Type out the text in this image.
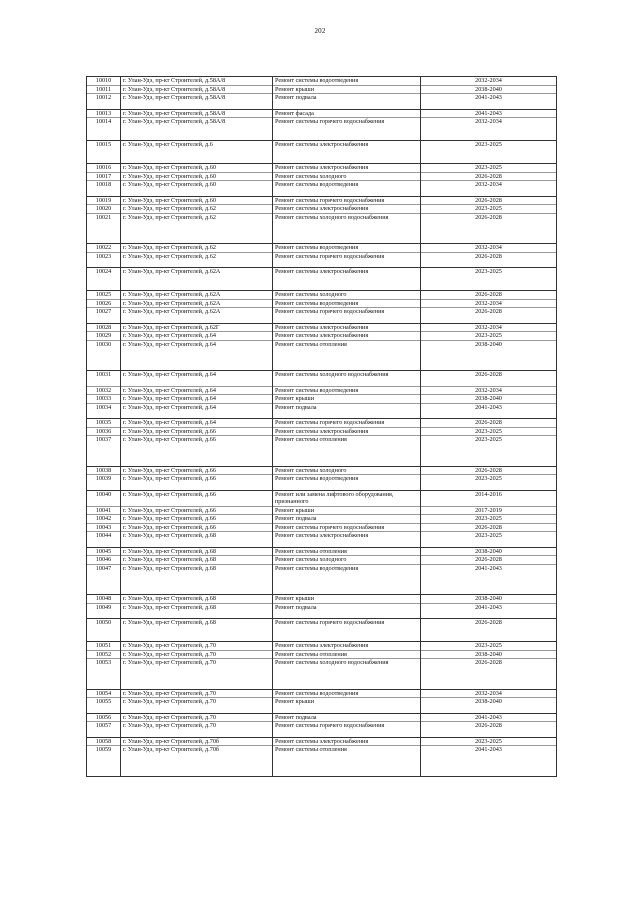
202
10010	г. Улан-Удэ, пр-кт Строителей, д.58А/8	Ремонт системы водоотведения	2032-2034
10011	г. Улан-Удэ, пр-кт Строителей, д.58А/8	Ремонт крыши	2038-2040
10012	г. Улан-Удэ, пр-кт Строителей, д.58А/8	Ремонт подвала	2041-2043
10013	г. Улан-Удэ, пр-кт Строителей, д.58А/8	Ремонт фасада	2041-2043
10014	г. Улан-Удэ, пр-кт Строителей, д.58А/8	Ремонт системы горячего водоснабжения	2032-2034
10015	г. Улан-Удэ, пр-кт Строителей, д.6	Ремонт системы электроснабжения	2023-2025
10016	г. Улан-Удэ, пр-кт Строителей, д.60	Ремонт системы электроснабжения	2023-2025
10017	г. Улан-Удэ, пр-кт Строителей, д.60	Ремонт системы холодного	2026-2028
10018	г. Улан-Удэ, пр-кт Строителей, д.60	Ремонт системы водоотведения	2032-2034
10019	г. Улан-Удэ, пр-кт Строителей, д.60	Ремонт системы горячего водоснабжения	2026-2028
10020	г. Улан-Удэ, пр-кт Строителей, д.62	Ремонт системы электроснабжения	2023-2025
10021	г. Улан-Удэ, пр-кт Строителей, д.62	Ремонт системы холодного водоснабжения	2026-2028
10022	г. Улан-Удэ, пр-кт Строителей, д.62	Ремонт системы водоотведения	2032-2034
10023	г. Улан-Удэ, пр-кт Строителей, д.62	Ремонт системы горячего водоснабжения	2026-2028
10024	г. Улан-Удэ, пр-кт Строителей, д.62А	Ремонт системы электроснабжения	2023-2025
10025	г. Улан-Удэ, пр-кт Строителей, д.62А	Ремонт системы холодного	2026-2028
10026	г. Улан-Удэ, пр-кт Строителей, д.62А	Ремонт системы водоотведения	2032-2034
10027	г. Улан-Удэ, пр-кт Строителей, д.62А	Ремонт системы горячего водоснабжения	2026-2028
10028	г. Улан-Удэ, пр-кт Строителей, д.62Г	Ремонт системы электроснабжения	2032-2034
10029	г. Улан-Удэ, пр-кт Строителей, д.64	Ремонт системы электроснабжения	2023-2025
10030	г. Улан-Удэ, пр-кт Строителей, д.64	Ремонт системы отопления	2038-2040
10031	г. Улан-Удэ, пр-кт Строителей, д.64	Ремонт системы холодного водоснабжения	2026-2028
10032	г. Улан-Удэ, пр-кт Строителей, д.64	Ремонт системы водоотведения	2032-2034
10033	г. Улан-Удэ, пр-кт Строителей, д.64	Ремонт крыши	2038-2040
10034	г. Улан-Удэ, пр-кт Строителей, д.64	Ремонт подвала	2041-2043
10035	г. Улан-Удэ, пр-кт Строителей, д.64	Ремонт системы горячего водоснабжения	2026-2028
10036	г. Улан-Удэ, пр-кт Строителей, д.66	Ремонт системы электроснабжения	2023-2025
10037	г. Улан-Удэ, пр-кт Строителей, д.66	Ремонт системы отопления	2023-2025
10038	г. Улан-Удэ, пр-кт Строителей, д.66	Ремонт системы холодного	2026-2028
10039	г. Улан-Удэ, пр-кт Строителей, д.66	Ремонт системы водоотведения	2023-2025
10040	г. Улан-Удэ, пр-кт Строителей, д.66	Ремонт или замена лифтового оборудования, признанного	2014-2016
10041	г. Улан-Удэ, пр-кт Строителей, д.66	Ремонт крыши	2017-2019
10042	г. Улан-Удэ, пр-кт Строителей, д.66	Ремонт подвала	2023-2025
10043	г. Улан-Удэ, пр-кт Строителей, д.66	Ремонт системы горячего водоснабжения	2026-2028
10044	г. Улан-Удэ, пр-кт Строителей, д.68	Ремонт системы электроснабжения	2023-2025
10045	г. Улан-Удэ, пр-кт Строителей, д.68	Ремонт системы отопления	2038-2040
10046	г. Улан-Удэ, пр-кт Строителей, д.68	Ремонт системы холодного	2026-2028
10047	г. Улан-Удэ, пр-кт Строителей, д.68	Ремонт системы водоотведения	2041-2043
10048	г. Улан-Удэ, пр-кт Строителей, д.68	Ремонт крыши	2038-2040
10049	г. Улан-Удэ, пр-кт Строителей, д.68	Ремонт подвала	2041-2043
10050	г. Улан-Удэ, пр-кт Строителей, д.68	Ремонт системы горячего водоснабжения	2026-2028
10051	г. Улан-Удэ, пр-кт Строителей, д.70	Ремонт системы электроснабжения	2023-2025
10052	г. Улан-Удэ, пр-кт Строителей, д.70	Ремонт системы отопления	2038-2040
10053	г. Улан-Удэ, пр-кт Строителей, д.70	Ремонт системы холодного водоснабжения	2026-2028
10054	г. Улан-Удэ, пр-кт Строителей, д.70	Ремонт системы водоотведения	2032-2034
10055	г. Улан-Удэ, пр-кт Строителей, д.70	Ремонт крыши	2038-2040
10056	г. Улан-Удэ, пр-кт Строителей, д.70	Ремонт подвала	2041-2043
10057	г. Улан-Удэ, пр-кт Строителей, д.70	Ремонт системы горячего водоснабжения	2026-2028
10058	г. Улан-Удэ, пр-кт Строителей, д.70б	Ремонт системы электроснабжения	2023-2025
10059	г. Улан-Удэ, пр-кт Строителей, д.70б	Ремонт системы отопления	2041-2043
